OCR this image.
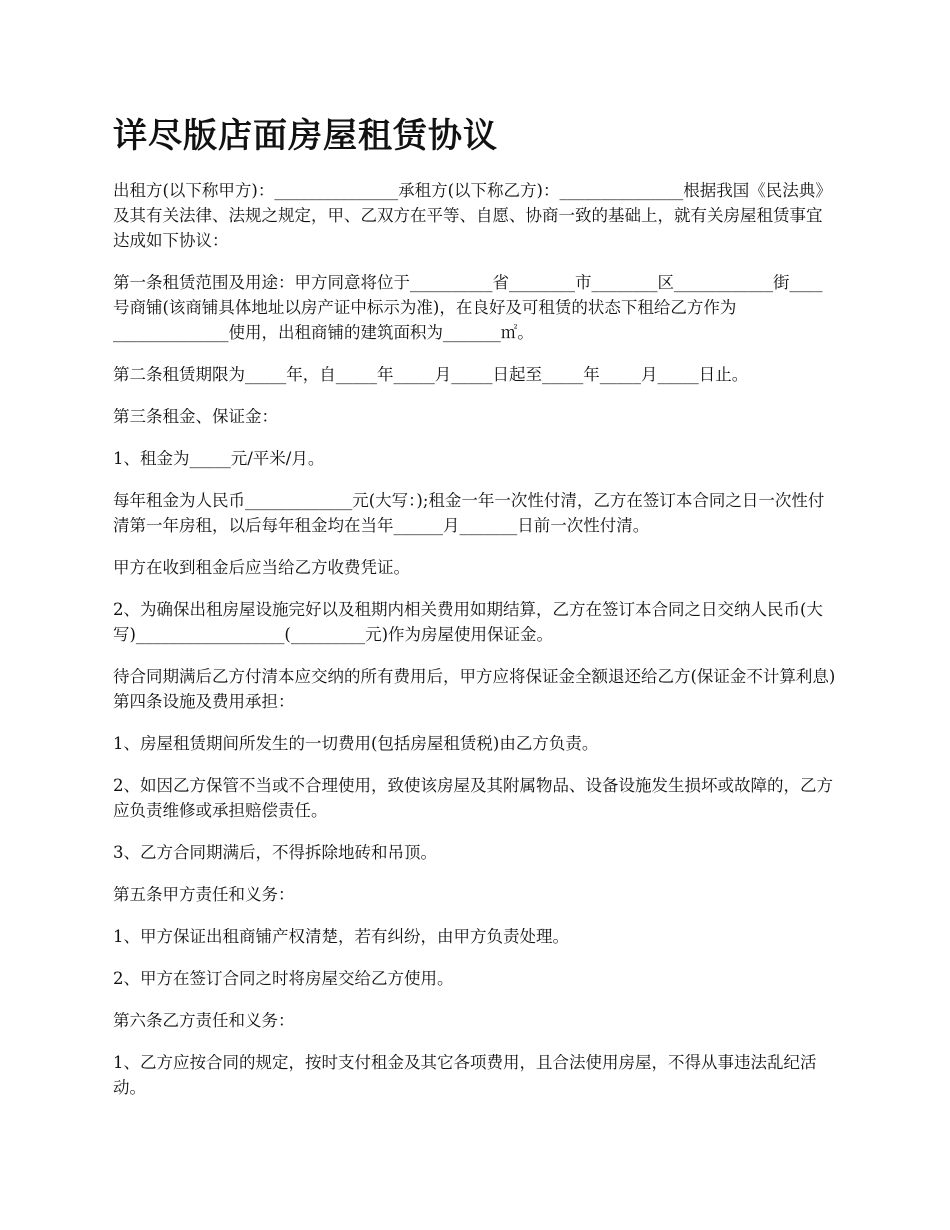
详尽版店面房屋租赁协议

出租方(以下称甲方)：_______________承租方(以下称乙方)：_______________根据我国《民法典》及其有关法律、法规之规定，甲、乙双方在平等、自愿、协商一致的基础上，就有关房屋租赁事宜达成如下协议：

第一条租赁范围及用途：甲方同意将位于__________省________市________区____________街____号商铺(该商铺具体地址以房产证中标示为准)，在良好及可租赁的状态下租给乙方作为______________使用，出租商铺的建筑面积为_______㎡。

第二条租赁期限为_____年，自_____年_____月_____日起至_____年_____月_____日止。

第三条租金、保证金：

1、租金为_____元/平米/月。

每年租金为人民币_____________元(大写：);租金一年一次性付清，乙方在签订本合同之日一次性付清第一年房租，以后每年租金均在当年______月_______日前一次性付清。

甲方在收到租金后应当给乙方收费凭证。

2、为确保出租房屋设施完好以及租期内相关费用如期结算，乙方在签订本合同之日交纳人民币(大写)__________________(_________元)作为房屋使用保证金。

待合同期满后乙方付清本应交纳的所有费用后，甲方应将保证金全额退还给乙方(保证金不计算利息)第四条设施及费用承担：

1、房屋租赁期间所发生的一切费用(包括房屋租赁税)由乙方负责。

2、如因乙方保管不当或不合理使用，致使该房屋及其附属物品、设备设施发生损坏或故障的，乙方应负责维修或承担赔偿责任。

3、乙方合同期满后，不得拆除地砖和吊顶。

第五条甲方责任和义务：

1、甲方保证出租商铺产权清楚，若有纠纷，由甲方负责处理。

2、甲方在签订合同之时将房屋交给乙方使用。

第六条乙方责任和义务：

1、乙方应按合同的规定，按时支付租金及其它各项费用，且合法使用房屋，不得从事违法乱纪活动。
